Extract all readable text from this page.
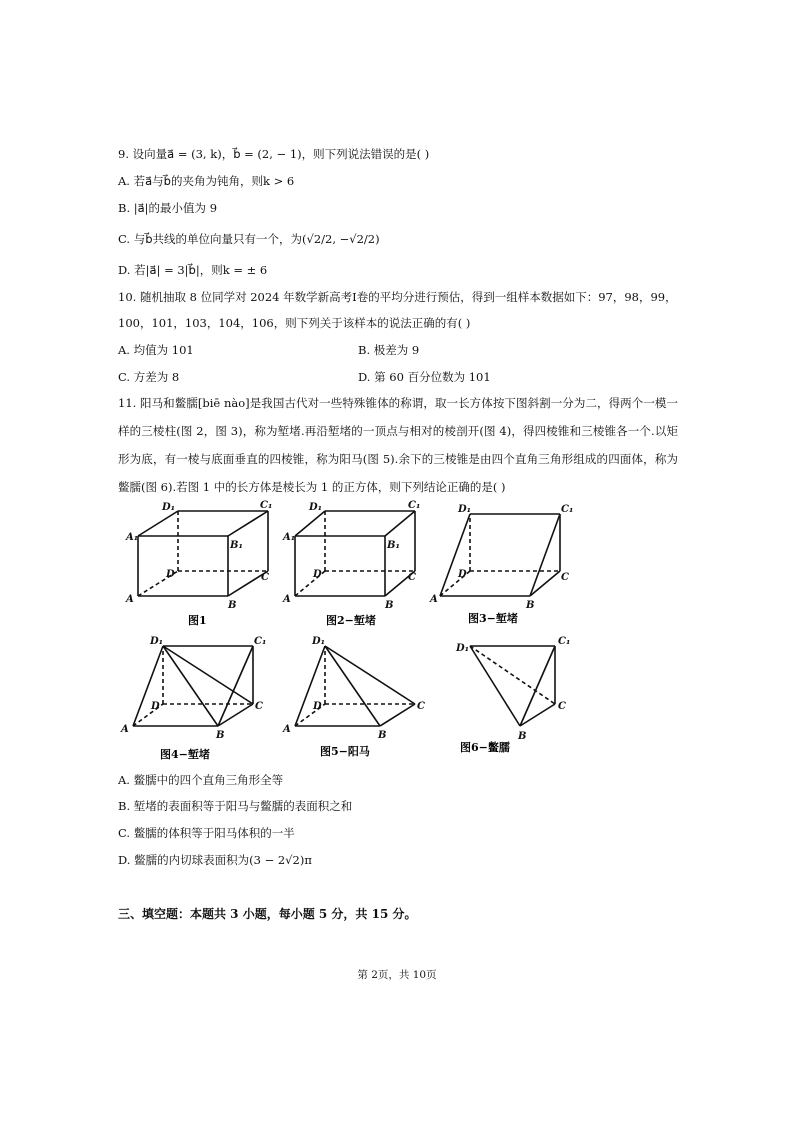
9. 设向量a⃗ = (3, k)，b⃗ = (2, − 1)，则下列说法错误的是( )
A. 若a⃗与b⃗的夹角为钝角，则k > 6
B. |a⃗|的最小值为 9
C. 与b⃗共线的单位向量只有一个，为(√2/2, −√2/2)
D. 若|a⃗| = 3|b⃗|，则k = ± 6
10. 随机抽取 8 位同学对 2024 年数学新高考Ⅰ卷的平均分进行预估，得到一组样本数据如下：97，98，99，
100，101，103，104，106，则下列关于该样本的说法正确的有( )
A. 均值为 101	B. 极差为 9
C. 方差为 8	D. 第 60 百分位数为 101
11. 阳马和鳖臑[biē nào]是我国古代对一些特殊锥体的称谓，取一长方体按下图斜割一分为二，得两个一模一样的三棱柱(图 2，图 3)，称为堑堵.再沿堑堵的一顶点与相对的棱剖开(图 4)，得四棱锥和三棱锥各一个.以矩形为底，有一棱与底面垂直的四棱锥，称为阳马(图 5).余下的三棱锥是由四个直角三角形组成的四面体，称为鳖臑(图 6).若图 1 中的长方体是棱长为 1 的正方体，则下列结论正确的是( )
D₁	C₁
A₁
B₁
D	C
A
B
D₁	C₁
A₁
B₁
D	C
A
B
D₁	C₁
D	C
A
B
D₁	C₁
D	C
A
B
D₁
D	C
A
B
D₁
C₁
C
B
图1	图2−堑堵	图3−堑堵
图4−堑堵	图5−阳马	图6−鳖臑
A. 鳖臑中的四个直角三角形全等
B. 堑堵的表面积等于阳马与鳖臑的表面积之和
C. 鳖臑的体积等于阳马体积的一半
D. 鳖臑的内切球表面积为(3 − 2√2)π
三、填空题：本题共 3 小题，每小题 5 分，共 15 分。
第 2页，共 10页
